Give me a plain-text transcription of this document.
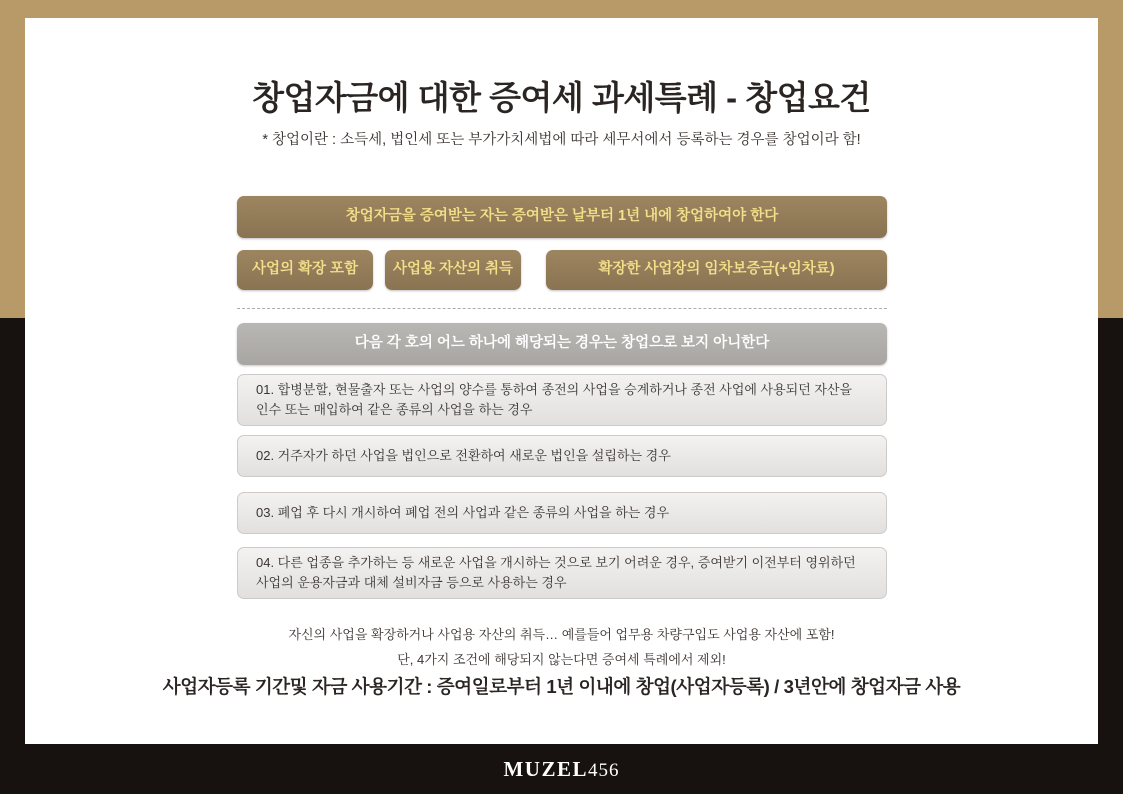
창업자금에 대한 증여세 과세특례 - 창업요건
* 창업이란 : 소득세, 법인세 또는 부가가치세법에 따라 세무서에서 등록하는 경우를 창업이라 함!
창업자금을 증여받는 자는 증여받은 날부터 1년 내에 창업하여야 한다
사업의 확장 포함	사업용 자산의 취득	확장한 사업장의 임차보증금(+임차료)
다음 각 호의 어느 하나에 해당되는 경우는 창업으로 보지 아니한다
01. 합병분할, 현물출자 또는 사업의 양수를 통하여 종전의 사업을 승계하거나 종전 사업에 사용되던 자산을 인수 또는 매입하여 같은 종류의 사업을 하는 경우
02. 거주자가 하던 사업을 법인으로 전환하여 새로운 법인을 설립하는 경우
03. 폐업 후 다시 개시하여 폐업 전의 사업과 같은 종류의 사업을 하는 경우
04. 다른 업종을 추가하는 등 새로운 사업을 개시하는 것으로 보기 어려운 경우, 증여받기 이전부터 영위하던 사업의 운용자금과 대체 설비자금 등으로 사용하는 경우
자신의 사업을 확장하거나 사업용 자산의 취득… 예를들어 업무용 차량구입도 사업용 자산에 포함!
단, 4가지 조건에 해당되지 않는다면 증여세 특례에서 제외!
사업자등록 기간및 자금 사용기간 : 증여일로부터 1년 이내에 창업(사업자등록) / 3년안에 창업자금 사용
MUZEL456
